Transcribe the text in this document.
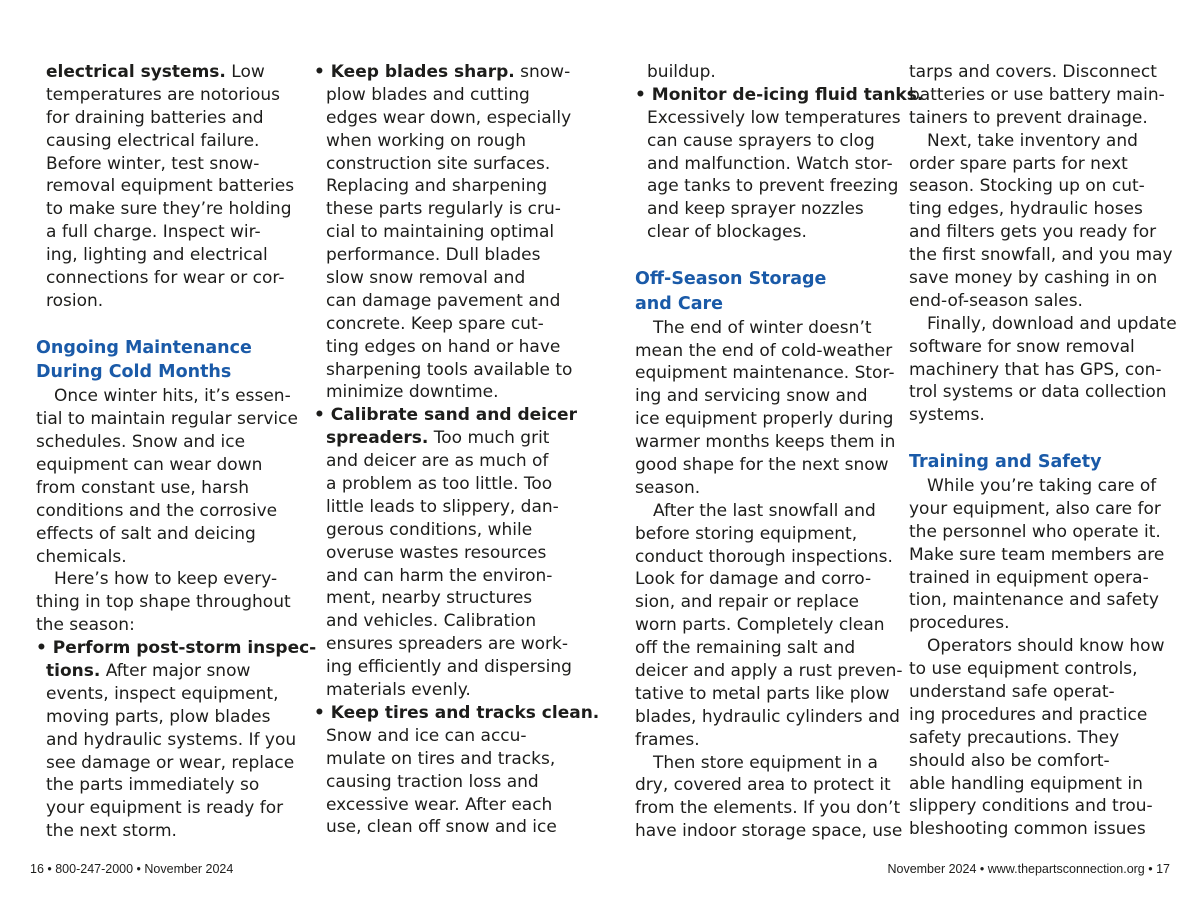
electrical systems. Low
temperatures are notorious
for draining batteries and
causing electrical failure.
Before winter, test snow-
removal equipment batteries
to make sure they’re holding
a full charge. Inspect wir-
ing, lighting and electrical
connections for wear or cor-
rosion.
Ongoing Maintenance
During Cold Months
Once winter hits, it’s essen-
tial to maintain regular service
schedules. Snow and ice
equipment can wear down
from constant use, harsh
conditions and the corrosive
effects of salt and deicing
chemicals.
Here’s how to keep every-
thing in top shape throughout
the season:
• Perform post-storm inspec-
tions. After major snow
events, inspect equipment,
moving parts, plow blades
and hydraulic systems. If you
see damage or wear, replace
the parts immediately so
your equipment is ready for
the next storm.
• Keep blades sharp. snow-
plow blades and cutting
edges wear down, especially
when working on rough
construction site surfaces.
Replacing and sharpening
these parts regularly is cru-
cial to maintaining optimal
performance. Dull blades
slow snow removal and
can damage pavement and
concrete. Keep spare cut-
ting edges on hand or have
sharpening tools available to
minimize downtime.
• Calibrate sand and deicer
spreaders. Too much grit
and deicer are as much of
a problem as too little. Too
little leads to slippery, dan-
gerous conditions, while
overuse wastes resources
and can harm the environ-
ment, nearby structures
and vehicles. Calibration
ensures spreaders are work-
ing efficiently and dispersing
materials evenly.
• Keep tires and tracks clean.
Snow and ice can accu-
mulate on tires and tracks,
causing traction loss and
excessive wear. After each
use, clean off snow and ice
buildup.
• Monitor de-icing fluid tanks.
Excessively low temperatures
can cause sprayers to clog
and malfunction. Watch stor-
age tanks to prevent freezing
and keep sprayer nozzles
clear of blockages.
Off-Season Storage
and Care
The end of winter doesn’t
mean the end of cold-weather
equipment maintenance. Stor-
ing and servicing snow and
ice equipment properly during
warmer months keeps them in
good shape for the next snow
season.
After the last snowfall and
before storing equipment,
conduct thorough inspections.
Look for damage and corro-
sion, and repair or replace
worn parts. Completely clean
off the remaining salt and
deicer and apply a rust preven-
tative to metal parts like plow
blades, hydraulic cylinders and
frames.
Then store equipment in a
dry, covered area to protect it
from the elements. If you don’t
have indoor storage space, use
tarps and covers. Disconnect
batteries or use battery main-
tainers to prevent drainage.
Next, take inventory and
order spare parts for next
season. Stocking up on cut-
ting edges, hydraulic hoses
and filters gets you ready for
the first snowfall, and you may
save money by cashing in on
end-of-season sales.
Finally, download and update
software for snow removal
machinery that has GPS, con-
trol systems or data collection
systems.
Training and Safety
While you’re taking care of
your equipment, also care for
the personnel who operate it.
Make sure team members are
trained in equipment opera-
tion, maintenance and safety
procedures.
Operators should know how
to use equipment controls,
understand safe operat-
ing procedures and practice
safety precautions. They
should also be comfort-
able handling equipment in
slippery conditions and trou-
bleshooting common issues
16 • 800-247-2000 • November 2024	November 2024 • www.thepartsconnection.org • 17
